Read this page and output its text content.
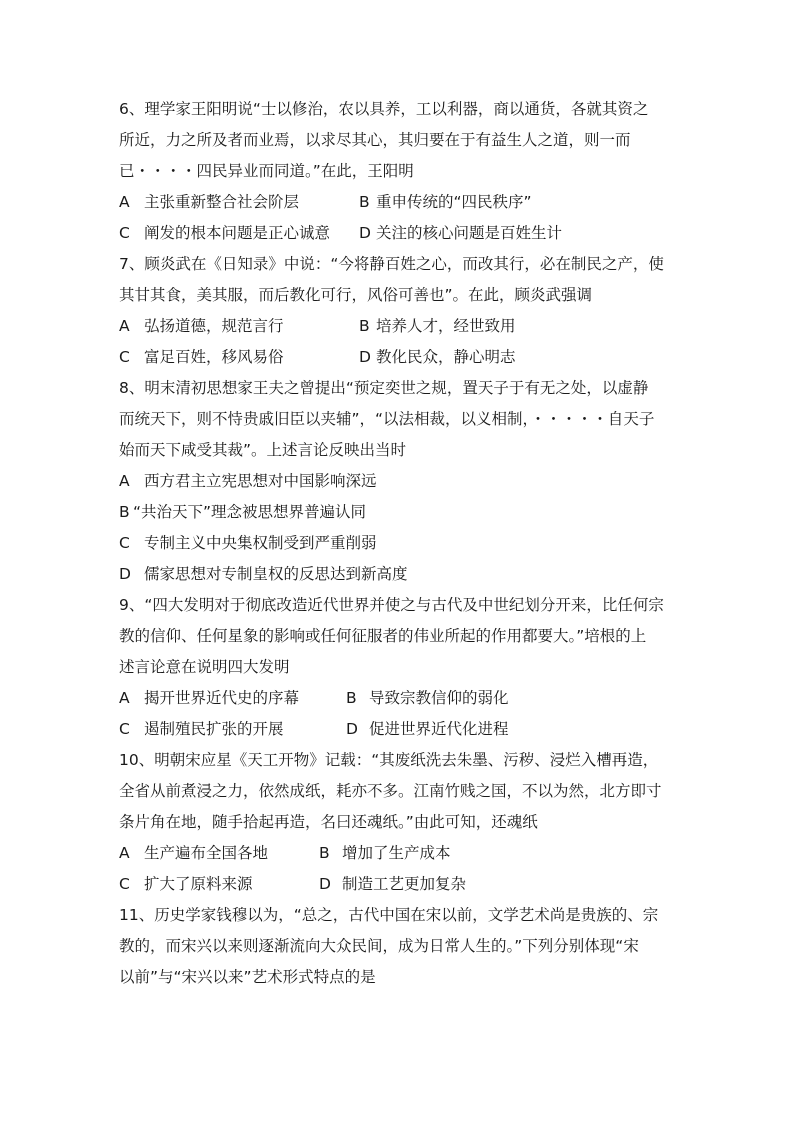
6、理学家王阳明说“士以修治，农以具养，工以利器，商以通货，各就其资之
所近，力之所及者而业焉，以求尽其心，其归要在于有益生人之道，则一而
已・・・・四民异业而同道。”在此，王阳明
A 主张重新整合社会阶层	B 重申传统的“四民秩序”
C 阐发的根本问题是正心诚意 D 关注的核心问题是百姓生计
7、顾炎武在《日知录》中说：“今将静百姓之心，而改其行，必在制民之产，使
其甘其食，美其服，而后教化可行，风俗可善也”。在此，顾炎武强调
A 弘扬道德，规范言行	B 培养人才，经世致用
C 富足百姓，移风易俗	D 教化民众，静心明志
8、明末清初思想家王夫之曾提出“预定奕世之规，置天子于有无之处，以虚静
而统天下，则不恃贵戚旧臣以夹辅”，“以法相裁，以义相制，・・・・・自天子
始而天下咸受其裁”。上述言论反映出当时
A 西方君主立宪思想对中国影响深远
B “共治天下”理念被思想界普遍认同
C 专制主义中央集权制受到严重削弱
D 儒家思想对专制皇权的反思达到新高度
9、“四大发明对于彻底改造近代世界并使之与古代及中世纪划分开来，比任何宗
教的信仰、任何星象的影响或任何征服者的伟业所起的作用都要大。”培根的上
述言论意在说明四大发明
A 揭开世界近代史的序幕	B 导致宗教信仰的弱化
C 遏制殖民扩张的开展	D 促进世界近代化进程
10、明朝宋应星《天工开物》记载：“其废纸洗去朱墨、污秽、浸烂入槽再造，
全省从前煮浸之力，依然成纸，耗亦不多。江南竹贱之国，不以为然，北方即寸
条片角在地，随手拾起再造，名曰还魂纸。”由此可知，还魂纸
A 生产遍布全国各地	B 增加了生产成本
C 扩大了原料来源	D 制造工艺更加复杂
11、历史学家钱穆以为，“总之，古代中国在宋以前，文学艺术尚是贵族的、宗
教的，而宋兴以来则逐渐流向大众民间，成为日常人生的。”下列分别体现“宋
以前”与“宋兴以来”艺术形式特点的是
